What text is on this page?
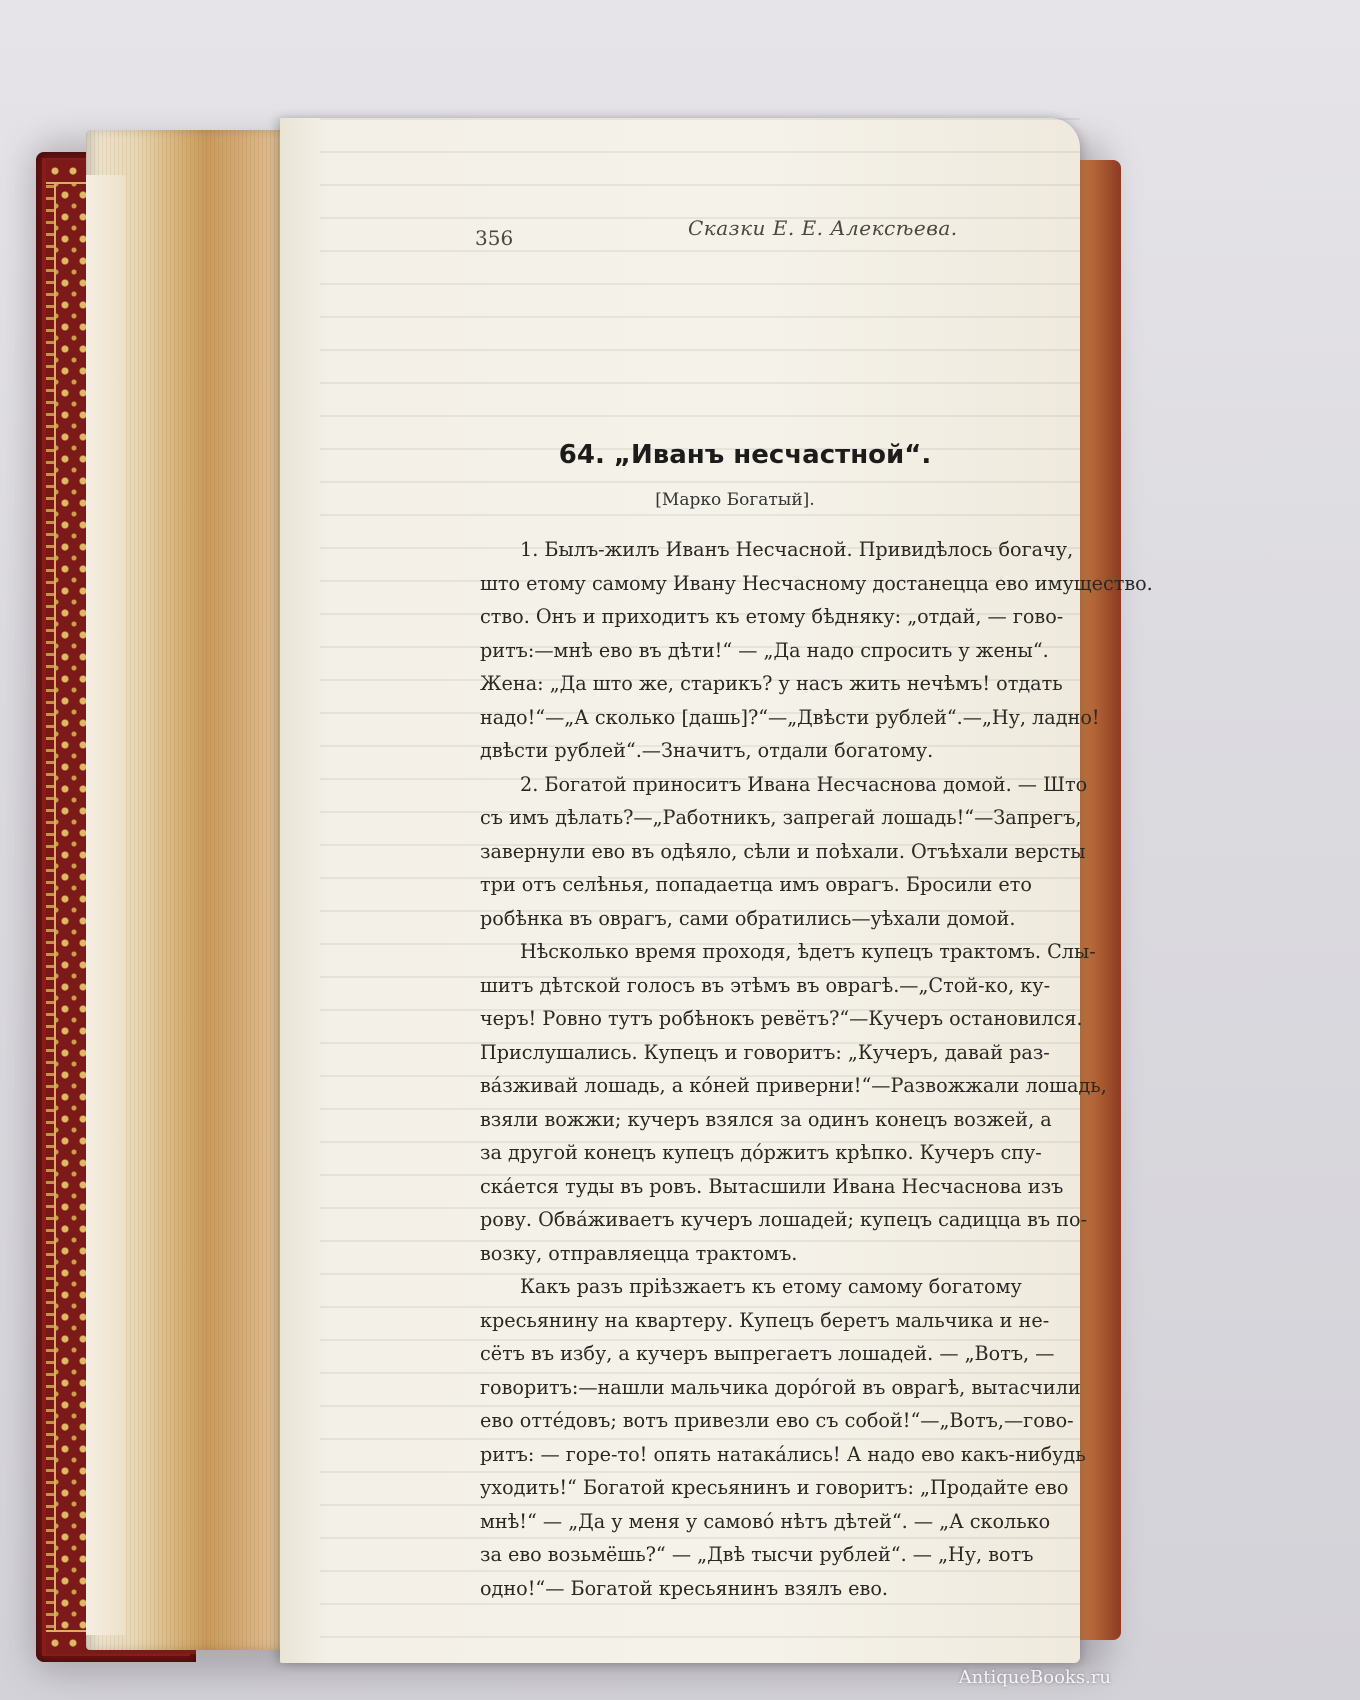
356	Сказки Е. Е. Алексѣева.
64. „Иванъ несчастной“.
[Марко Богатый].

1. Былъ-жилъ Иванъ Несчасной. Привидѣлось богачу,

што етому самому Ивану Несчасному достанецца ево имущество.

ство. Онъ и приходитъ къ етому бѣдняку: „отдай, — гово-

ритъ:—мнѣ ево въ дѣти!“ — „Да надо спросить у жены“.

Жена: „Да што же, старикъ? у насъ жить нечѣмъ! отдать

надо!“—„А сколько [дашь]?“—„Двѣсти рублей“.—„Ну, ладно!

двѣсти рублей“.—Значитъ, отдали богатому.

2. Богатой приноситъ Ивана Несчаснова домой. — Што

съ имъ дѣлать?—„Работникъ, запрегай лошадь!“—Запрегъ,

завернули ево въ одѣяло, сѣли и поѣхали. Отъѣхали версты

три отъ селѣнья, попадаетца имъ оврагъ. Бросили ето

робѣнка въ оврагъ, сами обратились—уѣхали домой.

Нѣсколько время проходя, ѣдетъ купецъ трактомъ. Слы-

шитъ дѣтской голосъ въ этѣмъ въ оврагѣ.—„Стой-ко, ку-

черъ! Ровно тутъ робѣнокъ ревётъ?“—Кучеръ остановился.

Прислушались. Купецъ и говоритъ: „Кучеръ, давай раз-

вáзживай лошадь, а кóней приверни!“—Развожжали лошадь,

взяли вожжи; кучеръ взялся за одинъ конецъ возжей, а

за другой конецъ купецъ дóржитъ крѣпко. Кучеръ спу-

скáется туды въ ровъ. Вытасшили Ивана Несчаснова изъ

рову. Обвáживаетъ кучеръ лошадей; купецъ садицца въ по-

возку, отправляецца трактомъ.

Какъ разъ пріѣзжаетъ къ етому самому богатому

кресьянину на квартеру. Купецъ беретъ мальчика и не-

сётъ въ избу, а кучеръ выпрегаетъ лошадей. — „Вотъ, —

говоритъ:—нашли мальчика дорóгой въ оврагѣ, вытасчили

ево оттéдовъ; вотъ привезли ево съ собой!“—„Вотъ,—гово-

ритъ: — горе-то! опять натакáлись! А надо ево какъ-нибудь

уходить!“ Богатой кресьянинъ и говоритъ: „Продайте ево

мнѣ!“ — „Да у меня у самовó нѣтъ дѣтей“. — „А сколько

за ево возьмёшь?“ — „Двѣ тысчи рублей“. — „Ну, вотъ

одно!“— Богатой кресьянинъ взялъ ево.

AntiqueBooks.ru
